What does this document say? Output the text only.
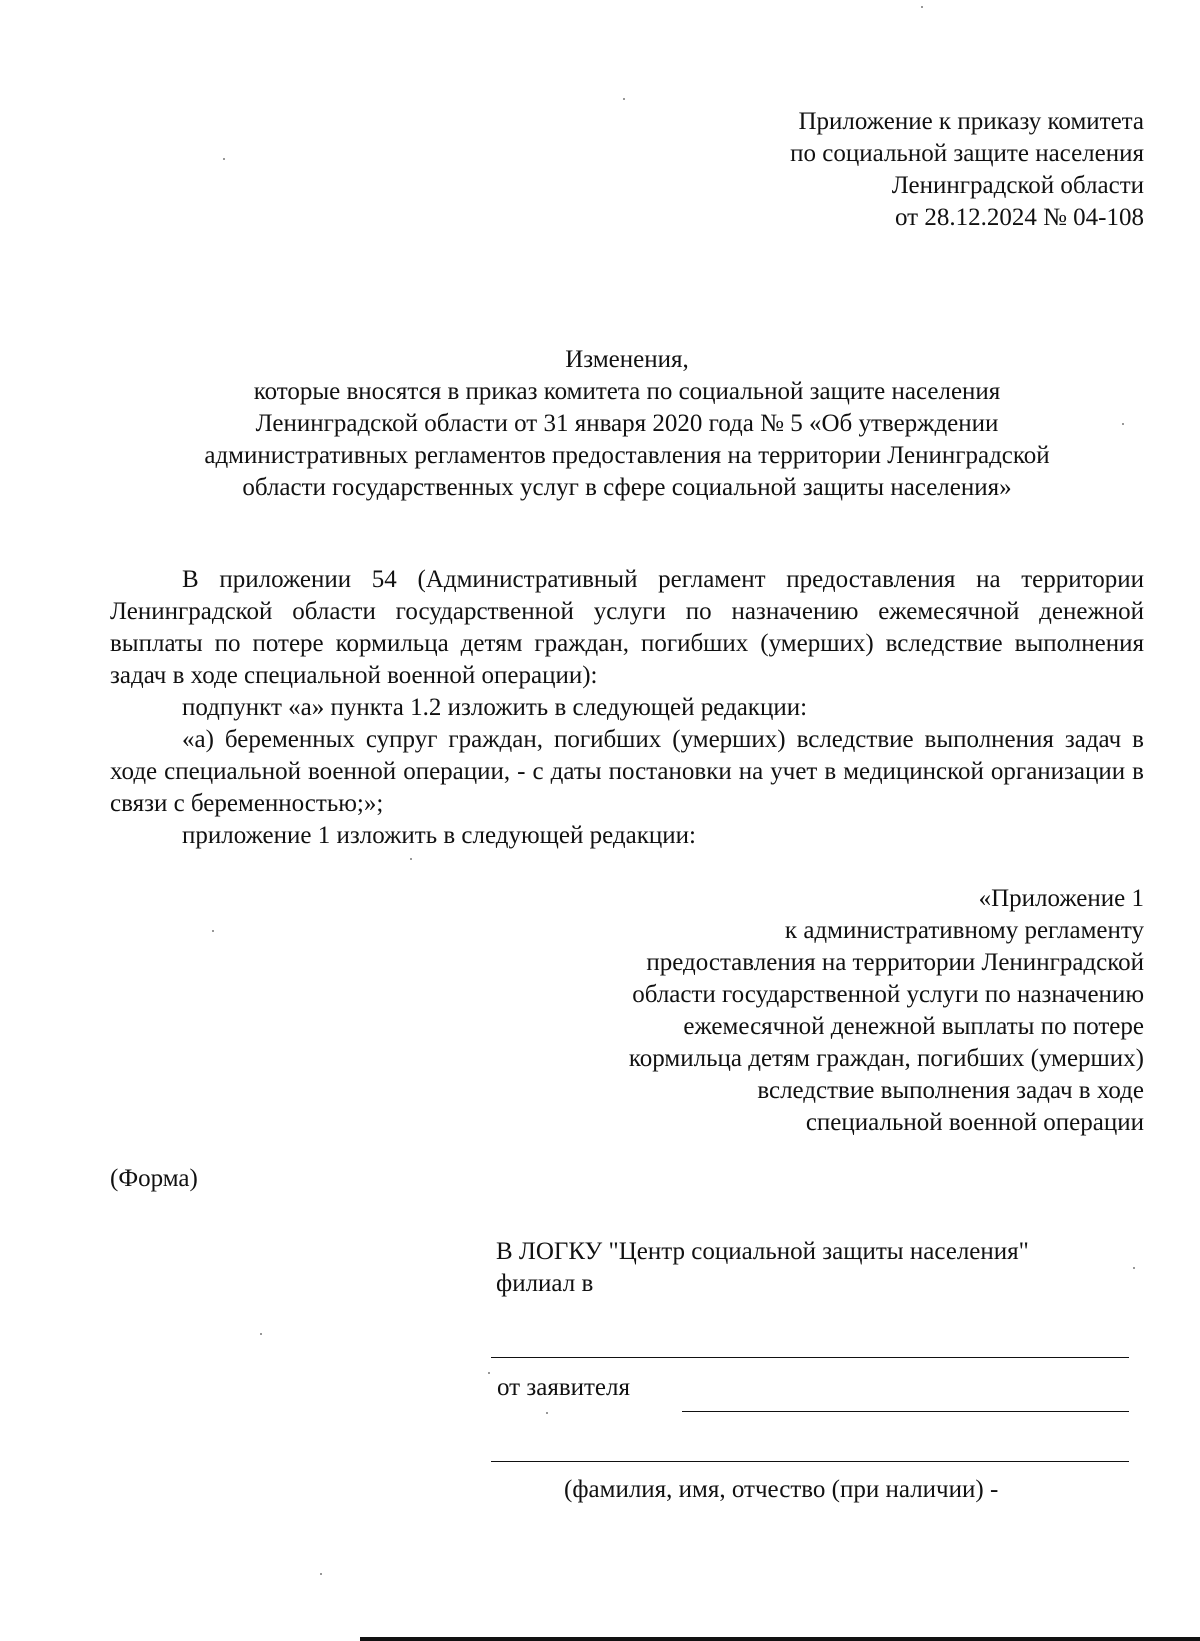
Приложение к приказу комитета
по социальной защите населения
Ленинградской области
от 28.12.2024 № 04-108
Изменения,
которые вносятся в приказ комитета по социальной защите населения
Ленинградской области от 31 января 2020 года № 5 «Об утверждении
административных регламентов предоставления на территории Ленинградской
области государственных услуг в сфере социальной защиты населения»

В приложении 54 (Административный регламент предоставления на территории Ленинградской области государственной услуги по назначению ежемесячной денежной выплаты по потере кормильца детям граждан, погибших (умерших) вследствие выполнения задач в ходе специальной военной операции):

подпункт «а» пункта 1.2 изложить в следующей редакции:

«а) беременных супруг граждан, погибших (умерших) вследствие выполнения задач в ходе специальной военной операции, - с даты постановки на учет в медицинской организации в связи с беременностью;»;

приложение 1 изложить в следующей редакции:

«Приложение 1
к административному регламенту
предоставления на территории Ленинградской
области государственной услуги по назначению
ежемесячной денежной выплаты по потере
кормильца детям граждан, погибших (умерших)
вследствие выполнения задач в ходе
специальной военной операции
(Форма)
В ЛОГКУ "Центр социальной защиты населения"
филиал в
от заявителя
(фамилия, имя, отчество (при наличии) -
